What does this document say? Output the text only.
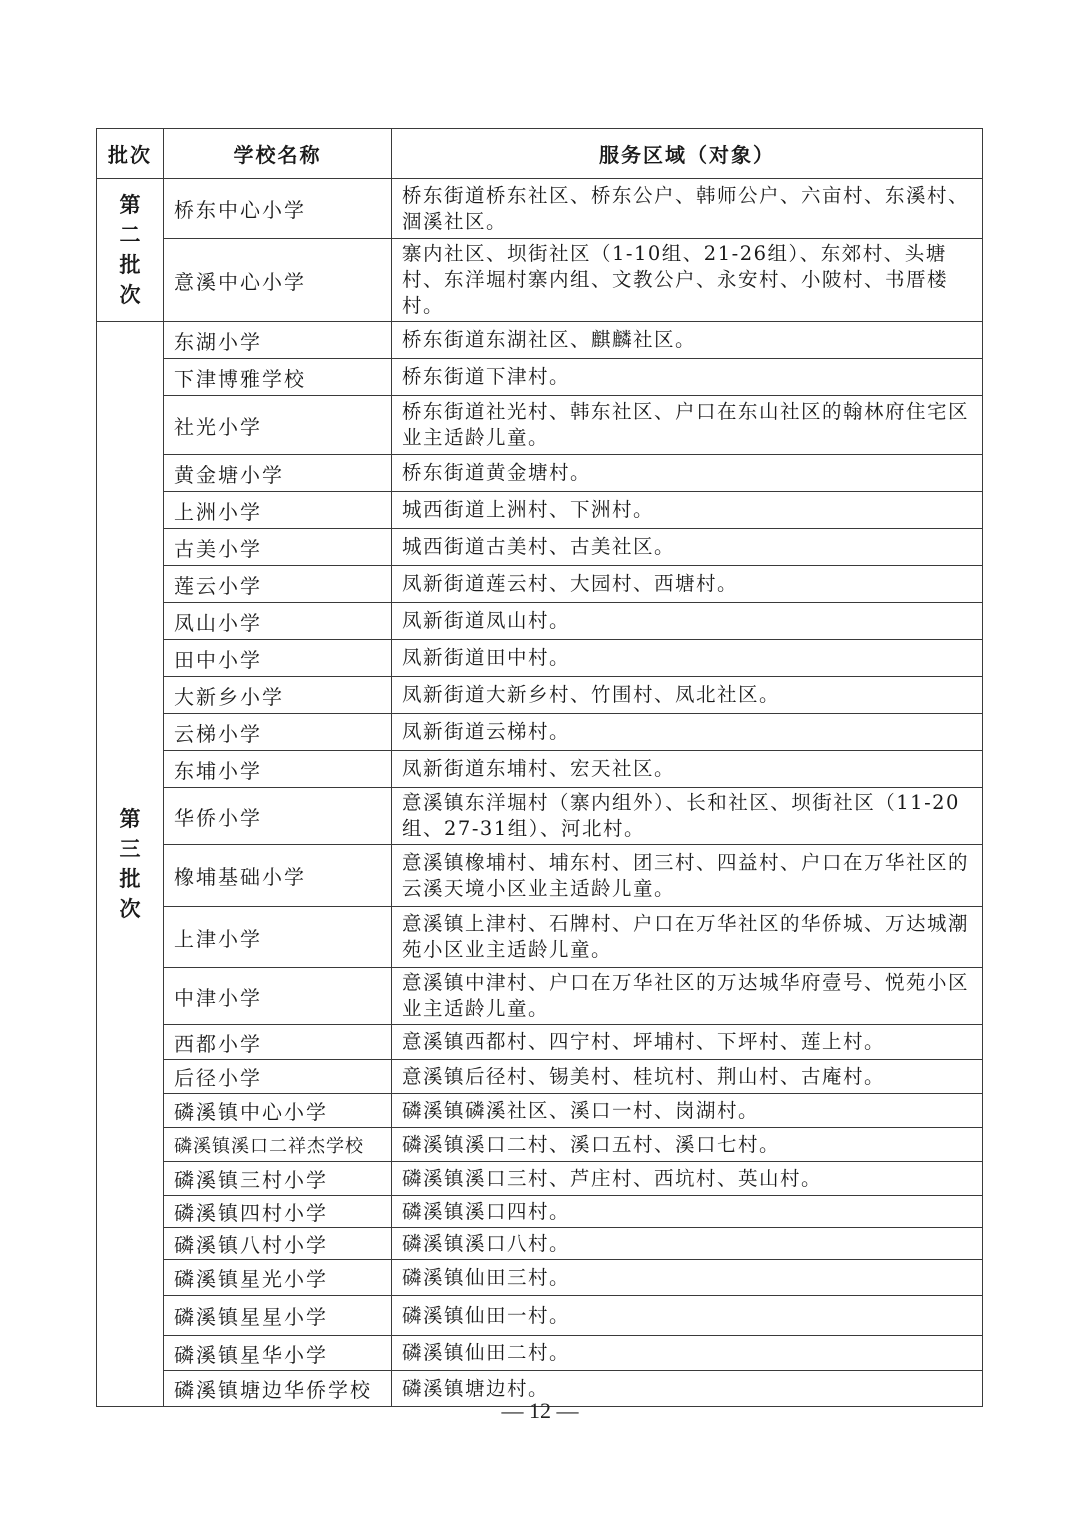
批次	学校名称	服务区域（对象）

第
二
批
次	桥东中心小学	桥东街道桥东社区、桥东公户、韩师公户、六亩村、东溪村、涸溪社区。
	意溪中心小学	寨内社区、坝街社区（1-10组、21-26组）、东郊村、头塘村、东洋堀村寨内组、文教公户、永安村、小陂村、书厝楼村。

第
三
批
次	东湖小学	桥东街道东湖社区、麒麟社区。
	下津博雅学校	桥东街道下津村。
	社光小学	桥东街道社光村、韩东社区、户口在东山社区的翰林府住宅区业主适龄儿童。
	黄金塘小学	桥东街道黄金塘村。
	上洲小学	城西街道上洲村、下洲村。
	古美小学	城西街道古美村、古美社区。
	莲云小学	凤新街道莲云村、大园村、西塘村。
	凤山小学	凤新街道凤山村。
	田中小学	凤新街道田中村。
	大新乡小学	凤新街道大新乡村、竹围村、凤北社区。
	云梯小学	凤新街道云梯村。
	东埔小学	凤新街道东埔村、宏天社区。
	华侨小学	意溪镇东洋堀村（寨内组外）、长和社区、坝街社区（11-20组、27-31组）、河北村。
	橡埔基础小学	意溪镇橡埔村、埔东村、团三村、四益村、户口在万华社区的云溪天境小区业主适龄儿童。
	上津小学	意溪镇上津村、石牌村、户口在万华社区的华侨城、万达城潮苑小区业主适龄儿童。
	中津小学	意溪镇中津村、户口在万华社区的万达城华府壹号、悦苑小区业主适龄儿童。
	西都小学	意溪镇西都村、四宁村、坪埔村、下坪村、莲上村。
	后径小学	意溪镇后径村、锡美村、桂坑村、荆山村、古庵村。
	磷溪镇中心小学	磷溪镇磷溪社区、溪口一村、岗湖村。
	磷溪镇溪口二祥杰学校	磷溪镇溪口二村、溪口五村、溪口七村。
	磷溪镇三村小学	磷溪镇溪口三村、芦庄村、西坑村、英山村。
	磷溪镇四村小学	磷溪镇溪口四村。
	磷溪镇八村小学	磷溪镇溪口八村。
	磷溪镇星光小学	磷溪镇仙田三村。
	磷溪镇星星小学	磷溪镇仙田一村。
	磷溪镇星华小学	磷溪镇仙田二村。
	磷溪镇塘边华侨学校	磷溪镇塘边村。
— 12 —
